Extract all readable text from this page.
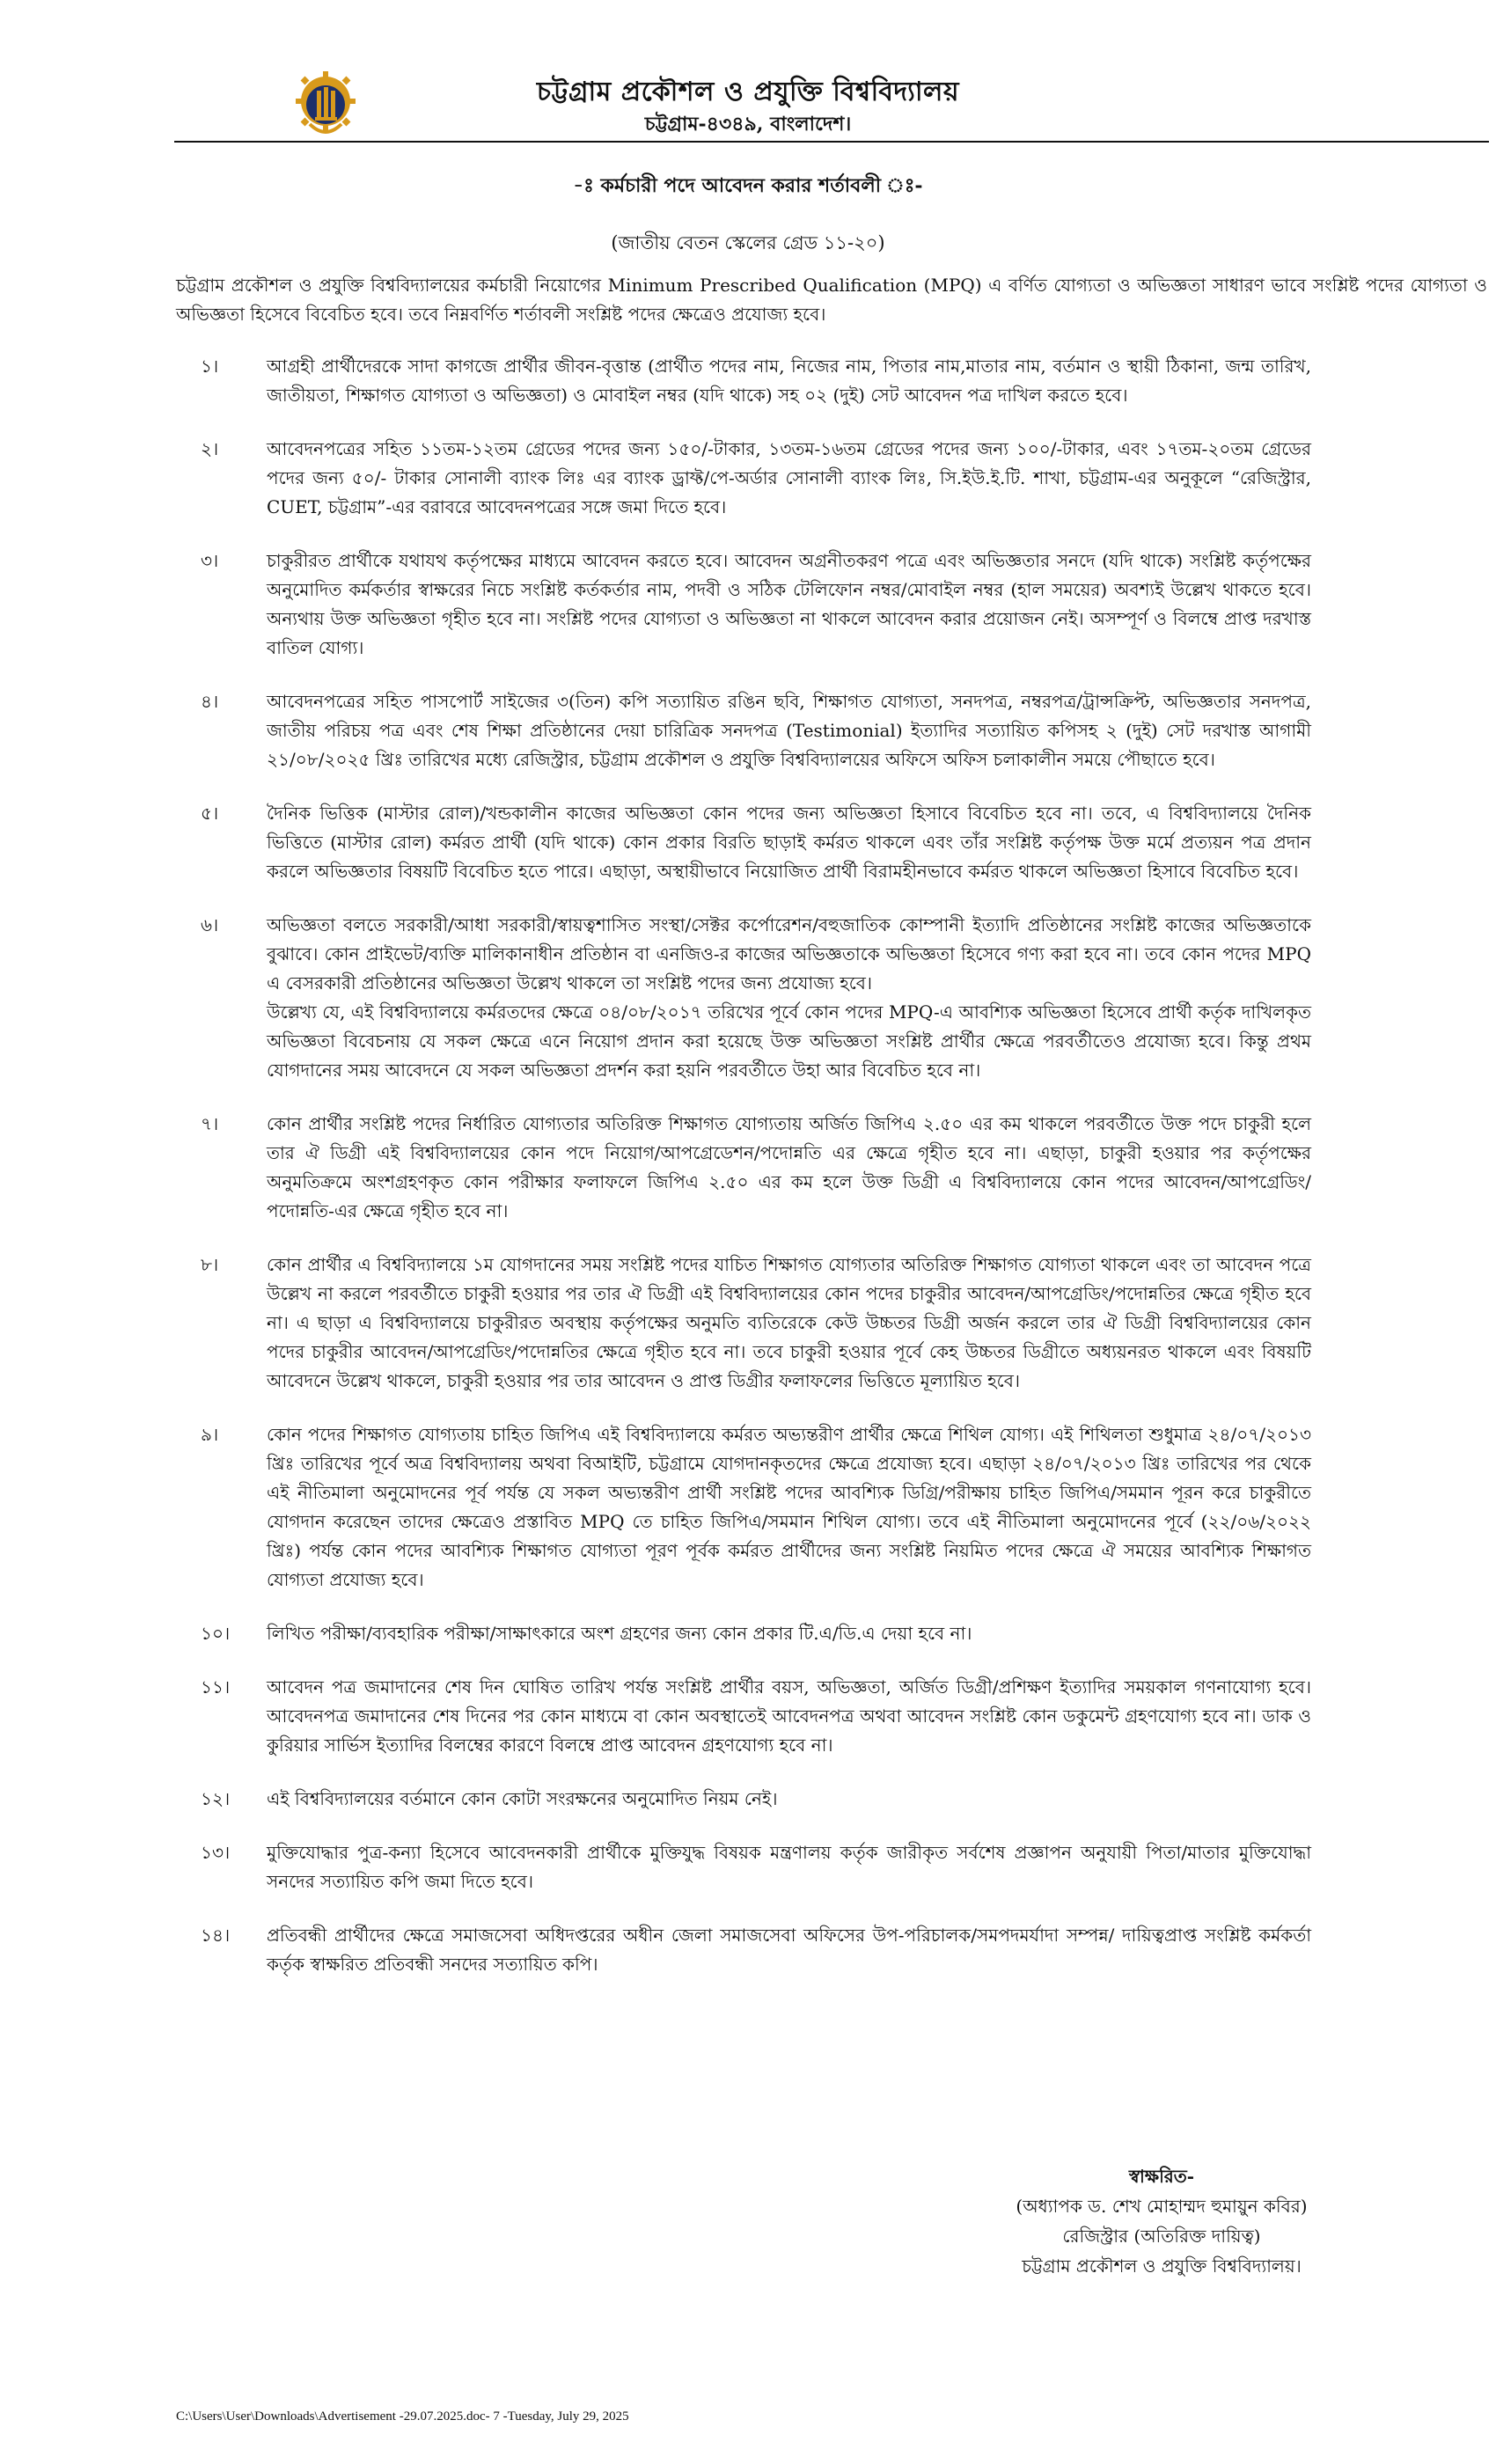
চট্টগ্রাম প্রকৌশল ও প্রযুক্তি বিশ্ববিদ্যালয়
চট্টগ্রাম-৪৩৪৯, বাংলাদেশ।
-ঃ কর্মচারী পদে আবেদন করার শর্তাবলী ঃ-
(জাতীয় বেতন স্কেলের গ্রেড ১১-২০)
চট্টগ্রাম প্রকৌশল ও প্রযুক্তি বিশ্ববিদ্যালয়ের কর্মচারী নিয়োগের Minimum Prescribed Qualification (MPQ) এ বর্ণিত যোগ্যতা ও অভিজ্ঞতা সাধারণ ভাবে সংশ্লিষ্ট পদের যোগ্যতা ও অভিজ্ঞতা হিসেবে বিবেচিত হবে। তবে নিম্নবর্ণিত শর্তাবলী সংশ্লিষ্ট পদের ক্ষেত্রেও প্রযোজ্য হবে।
১।	আগ্রহী প্রার্থীদেরকে সাদা কাগজে প্রার্থীর জীবন-বৃত্তান্ত (প্রার্থীত পদের নাম, নিজের নাম, পিতার নাম,মাতার নাম, বর্তমান ও স্থায়ী ঠিকানা, জন্ম তারিখ, জাতীয়তা, শিক্ষাগত যোগ্যতা ও অভিজ্ঞতা) ও মোবাইল নম্বর (যদি থাকে) সহ ০২ (দুই) সেট আবেদন পত্র দাখিল করতে হবে।

২।	আবেদনপত্রের সহিত ১১তম-১২তম গ্রেডের পদের জন্য ১৫০/-টাকার, ১৩তম-১৬তম গ্রেডের পদের জন্য ১০০/-টাকার, এবং ১৭তম-২০তম গ্রেডের পদের জন্য ৫০/- টাকার সোনালী ব্যাংক লিঃ এর ব্যাংক ড্রাফ্ট/পে-অর্ডার সোনালী ব্যাংক লিঃ, সি.ইউ.ই.টি. শাখা, চট্টগ্রাম-এর অনুকূলে “রেজিস্ট্রার, CUET, চট্টগ্রাম”-এর বরাবরে আবেদনপত্রের সঙ্গে জমা দিতে হবে।

৩।	চাকুরীরত প্রার্থীকে যথাযথ কর্তৃপক্ষের মাধ্যমে আবেদন করতে হবে। আবেদন অগ্রনীতকরণ পত্রে এবং অভিজ্ঞতার সনদে (যদি থাকে) সংশ্লিষ্ট কর্তৃপক্ষের অনুমোদিত কর্মকর্তার স্বাক্ষরের নিচে সংশ্লিষ্ট কর্তকর্তার নাম, পদবী ও সঠিক টেলিফোন নম্বর/মোবাইল নম্বর (হাল সময়ের) অবশ্যই উল্লেখ থাকতে হবে। অন্যথায় উক্ত অভিজ্ঞতা গৃহীত হবে না। সংশ্লিষ্ট পদের যোগ্যতা ও অভিজ্ঞতা না থাকলে আবেদন করার প্রয়োজন নেই। অসম্পূর্ণ ও বিলম্বে প্রাপ্ত দরখাস্ত বাতিল যোগ্য।

৪।	আবেদনপত্রের সহিত পাসপোর্ট সাইজের ৩(তিন) কপি সত্যায়িত রঙিন ছবি, শিক্ষাগত যোগ্যতা, সনদপত্র, নম্বরপত্র/ট্রান্সক্রিপ্ট, অভিজ্ঞতার সনদপত্র, জাতীয় পরিচয় পত্র এবং শেষ শিক্ষা প্রতিষ্ঠানের দেয়া চারিত্রিক সনদপত্র (Testimonial) ইত্যাদির সত্যায়িত কপিসহ ২ (দুই) সেট দরখাস্ত আগামী ২১/০৮/২০২৫ খ্রিঃ তারিখের মধ্যে রেজিস্ট্রার, চট্টগ্রাম প্রকৌশল ও প্রযুক্তি বিশ্ববিদ্যালয়ের অফিসে অফিস চলাকালীন সময়ে পৌছাতে হবে।

৫।	দৈনিক ভিত্তিক (মাস্টার রোল)/খন্ডকালীন কাজের অভিজ্ঞতা কোন পদের জন্য অভিজ্ঞতা হিসাবে বিবেচিত হবে না। তবে, এ বিশ্ববিদ্যালয়ে দৈনিক ভিত্তিতে (মাস্টার রোল) কর্মরত প্রার্থী (যদি থাকে) কোন প্রকার বিরতি ছাড়াই কর্মরত থাকলে এবং তাঁর সংশ্লিষ্ট কর্তৃপক্ষ উক্ত মর্মে প্রত্যয়ন পত্র প্রদান করলে অভিজ্ঞতার বিষয়টি বিবেচিত হতে পারে। এছাড়া, অস্থায়ীভাবে নিয়োজিত প্রার্থী বিরামহীনভাবে কর্মরত থাকলে অভিজ্ঞতা হিসাবে বিবেচিত হবে।

৬।	অভিজ্ঞতা বলতে সরকারী/আধা সরকারী/স্বায়ত্বশাসিত সংস্থা/সেক্টর কর্পোরেশন/বহুজাতিক কোম্পানী ইত্যাদি প্রতিষ্ঠানের সংশ্লিষ্ট কাজের অভিজ্ঞতাকে বুঝাবে। কোন প্রাইভেট/ব্যক্তি মালিকানাধীন প্রতিষ্ঠান বা এনজিও-র কাজের অভিজ্ঞতাকে অভিজ্ঞতা হিসেবে গণ্য করা হবে না। তবে কোন পদের MPQ এ বেসরকারী প্রতিষ্ঠানের অভিজ্ঞতা উল্লেখ থাকলে তা সংশ্লিষ্ট পদের জন্য প্রযোজ্য হবে।

উল্লেখ্য যে, এই বিশ্ববিদ্যালয়ে কর্মরতদের ক্ষেত্রে ০৪/০৮/২০১৭ তরিখের পূর্বে কোন পদের MPQ-এ আবশ্যিক অভিজ্ঞতা হিসেবে প্রার্থী কর্তৃক দাখিলকৃত অভিজ্ঞতা বিবেচনায় যে সকল ক্ষেত্রে এনে নিয়োগ প্রদান করা হয়েছে উক্ত অভিজ্ঞতা সংশ্লিষ্ট প্রার্থীর ক্ষেত্রে পরবর্তীতেও প্রযোজ্য হবে। কিন্তু প্রথম যোগদানের সময় আবেদনে যে সকল অভিজ্ঞতা প্রদর্শন করা হয়নি পরবর্তীতে উহা আর বিবেচিত হবে না।

৭।	কোন প্রার্থীর সংশ্লিষ্ট পদের নির্ধারিত যোগ্যতার অতিরিক্ত শিক্ষাগত যোগ্যতায় অর্জিত জিপিএ ২.৫০ এর কম থাকলে পরবর্তীতে উক্ত পদে চাকুরী হলে তার ঐ ডিগ্রী এই বিশ্ববিদ্যালয়ের কোন পদে নিয়োগ/আপগ্রেডেশন/পদোন্নতি এর ক্ষেত্রে গৃহীত হবে না। এছাড়া, চাকুরী হওয়ার পর কর্তৃপক্ষের অনুমতিক্রমে অংশগ্রহণকৃত কোন পরীক্ষার ফলাফলে জিপিএ ২.৫০ এর কম হলে উক্ত ডিগ্রী এ বিশ্ববিদ্যালয়ে কোন পদের আবেদন/আপগ্রেডিং/পদোন্নতি-এর ক্ষেত্রে গৃহীত হবে না।

৮।	কোন প্রার্থীর এ বিশ্ববিদ্যালয়ে ১ম যোগদানের সময় সংশ্লিষ্ট পদের যাচিত শিক্ষাগত যোগ্যতার অতিরিক্ত শিক্ষাগত যোগ্যতা থাকলে এবং তা আবেদন পত্রে উল্লেখ না করলে পরবর্তীতে চাকুরী হওয়ার পর তার ঐ ডিগ্রী এই বিশ্ববিদ্যালয়ের কোন পদের চাকুরীর আবেদন/আপগ্রেডিং/পদোন্নতির ক্ষেত্রে গৃহীত হবে না। এ ছাড়া এ বিশ্ববিদ্যালয়ে চাকুরীরত অবস্থায় কর্তৃপক্ষের অনুমতি ব্যতিরেকে কেউ উচ্চতর ডিগ্রী অর্জন করলে তার ঐ ডিগ্রী বিশ্ববিদ্যালয়ের কোন পদের চাকুরীর আবেদন/আপগ্রেডিং/পদোন্নতির ক্ষেত্রে গৃহীত হবে না। তবে চাকুরী হওয়ার পূর্বে কেহ উচ্চতর ডিগ্রীতে অধ্যয়নরত থাকলে এবং বিষয়টি আবেদনে উল্লেখ থাকলে, চাকুরী হওয়ার পর তার আবেদন ও প্রাপ্ত ডিগ্রীর ফলাফলের ভিত্তিতে মূল্যায়িত হবে।

৯।	কোন পদের শিক্ষাগত যোগ্যতায় চাহিত জিপিএ এই বিশ্ববিদ্যালয়ে কর্মরত অভ্যন্তরীণ প্রার্থীর ক্ষেত্রে শিথিল যোগ্য। এই শিথিলতা শুধুমাত্র ২৪/০৭/২০১৩ খ্রিঃ তারিখের পূর্বে অত্র বিশ্ববিদ্যালয় অথবা বিআইটি, চট্টগ্রামে যোগদানকৃতদের ক্ষেত্রে প্রযোজ্য হবে। এছাড়া ২৪/০৭/২০১৩ খ্রিঃ তারিখের পর থেকে এই নীতিমালা অনুমোদনের পূর্ব পর্যন্ত যে সকল অভ্যন্তরীণ প্রার্থী সংশ্লিষ্ট পদের আবশ্যিক ডিগ্রি/পরীক্ষায় চাহিত জিপিএ/সমমান পূরন করে চাকুরীতে যোগদান করেছেন তাদের ক্ষেত্রেও প্রস্তাবিত MPQ তে চাহিত জিপিএ/সমমান শিথিল যোগ্য। তবে এই নীতিমালা অনুমোদনের পূর্বে (২২/০৬/২০২২ খ্রিঃ) পর্যন্ত কোন পদের আবশ্যিক শিক্ষাগত যোগ্যতা পূরণ পূর্বক কর্মরত প্রার্থীদের জন্য সংশ্লিষ্ট নিয়মিত পদের ক্ষেত্রে ঐ সময়ের আবশ্যিক শিক্ষাগত যোগ্যতা প্রযোজ্য হবে।

১০।	লিখিত পরীক্ষা/ব্যবহারিক পরীক্ষা/সাক্ষাৎকারে অংশ গ্রহণের জন্য কোন প্রকার টি.এ/ডি.এ দেয়া হবে না।

১১।	আবেদন পত্র জমাদানের শেষ দিন ঘোষিত তারিখ পর্যন্ত সংশ্লিষ্ট প্রার্থীর বয়স, অভিজ্ঞতা, অর্জিত ডিগ্রী/প্রশিক্ষণ ইত্যাদির সময়কাল গণনাযোগ্য হবে। আবেদনপত্র জমাদানের শেষ দিনের পর কোন মাধ্যমে বা কোন অবস্থাতেই আবেদনপত্র অথবা আবেদন সংশ্লিষ্ট কোন ডকুমেন্ট গ্রহণযোগ্য হবে না। ডাক ও কুরিয়ার সার্ভিস ইত্যাদির বিলম্বের কারণে বিলম্বে প্রাপ্ত আবেদন গ্রহণযোগ্য হবে না।

১২।	এই বিশ্ববিদ্যালয়ের বর্তমানে কোন কোটা সংরক্ষনের অনুমোদিত নিয়ম নেই।

১৩।	মুক্তিযোদ্ধার পুত্র-কন্যা হিসেবে আবেদনকারী প্রার্থীকে মুক্তিযুদ্ধ বিষয়ক মন্ত্রণালয় কর্তৃক জারীকৃত সর্বশেষ প্রজ্ঞাপন অনুযায়ী পিতা/মাতার মুক্তিযোদ্ধা সনদের সত্যায়িত কপি জমা দিতে হবে।

১৪।	প্রতিবন্ধী প্রার্থীদের ক্ষেত্রে সমাজসেবা অধিদপ্তরের অধীন জেলা সমাজসেবা অফিসের উপ-পরিচালক/সমপদমর্যাদা সম্পন্ন/ দায়িত্বপ্রাপ্ত সংশ্লিষ্ট কর্মকর্তা কর্তৃক স্বাক্ষরিত প্রতিবন্ধী সনদের সত্যায়িত কপি।

স্বাক্ষরিত-
(অধ্যাপক ড. শেখ মোহাম্মদ হুমায়ুন কবির)
রেজিস্ট্রার (অতিরিক্ত দায়িত্ব)
চট্টগ্রাম প্রকৌশল ও প্রযুক্তি বিশ্ববিদ্যালয়।
C:\Users\User\Downloads\Advertisement -29.07.2025.doc- 7 -Tuesday, July 29, 2025
